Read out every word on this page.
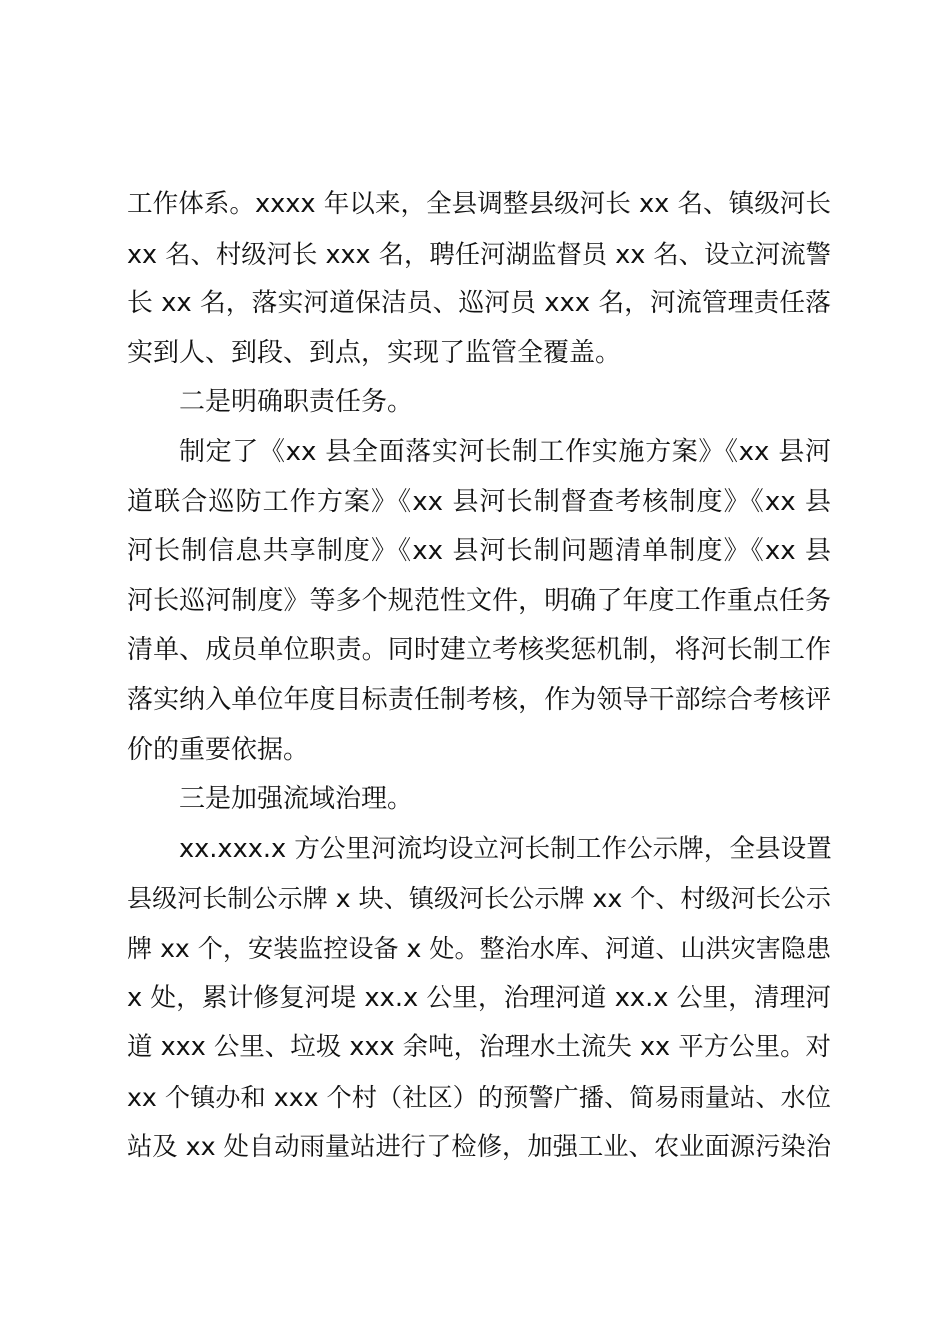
工作体系。xxxx 年以来，全县调整县级河长 xx 名、镇级河长
xx 名、村级河长 xxx 名，聘任河湖监督员 xx 名、设立河流警
长 xx 名，落实河道保洁员、巡河员 xxx 名，河流管理责任落
实到人、到段、到点，实现了监管全覆盖。

二是明确职责任务。

制定了《xx 县全面落实河长制工作实施方案》《xx 县河
道联合巡防工作方案》《xx 县河长制督查考核制度》《xx 县
河长制信息共享制度》《xx 县河长制问题清单制度》《xx 县
河长巡河制度》等多个规范性文件，明确了年度工作重点任务
清单、成员单位职责。同时建立考核奖惩机制，将河长制工作
落实纳入单位年度目标责任制考核，作为领导干部综合考核评
价的重要依据。

三是加强流域治理。

xx.xxx.x 方公里河流均设立河长制工作公示牌，全县设置
县级河长制公示牌 x 块、镇级河长公示牌 xx 个、村级河长公示
牌 xx 个，安装监控设备 x 处。整治水库、河道、山洪灾害隐患
x 处，累计修复河堤 xx.x 公里，治理河道 xx.x 公里，清理河
道 xxx 公里、垃圾 xxx 余吨，治理水土流失 xx 平方公里。对
xx 个镇办和 xxx 个村（社区）的预警广播、简易雨量站、水位
站及 xx 处自动雨量站进行了检修，加强工业、农业面源污染治
